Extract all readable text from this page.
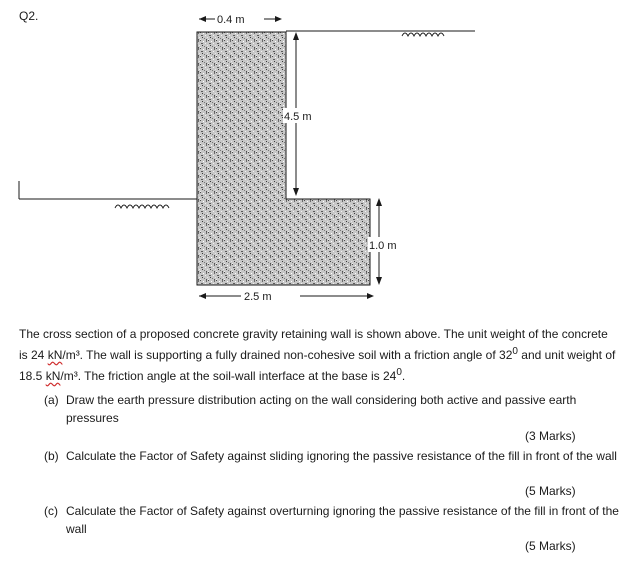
Q2.	0.4 m
4.5 m
1.0 m
2.5 m
The cross section of a proposed concrete gravity retaining wall is shown above. The unit weight of the concrete is 24 kN/m³. The wall is supporting a fully drained non-cohesive soil with a friction angle of $32^0$ and unit weight of 18.5 kN/m³. The friction angle at the soil-wall interface at the base is $24^0$.
(a) Draw the earth pressure distribution acting on the wall considering both active and passive earth pressures
(3 Marks)
(b) Calculate the Factor of Safety against sliding ignoring the passive resistance of the fill in front of the wall
(5 Marks)
(c) Calculate the Factor of Safety against overturning ignoring the passive resistance of the fill in front of the wall
(5 Marks)
